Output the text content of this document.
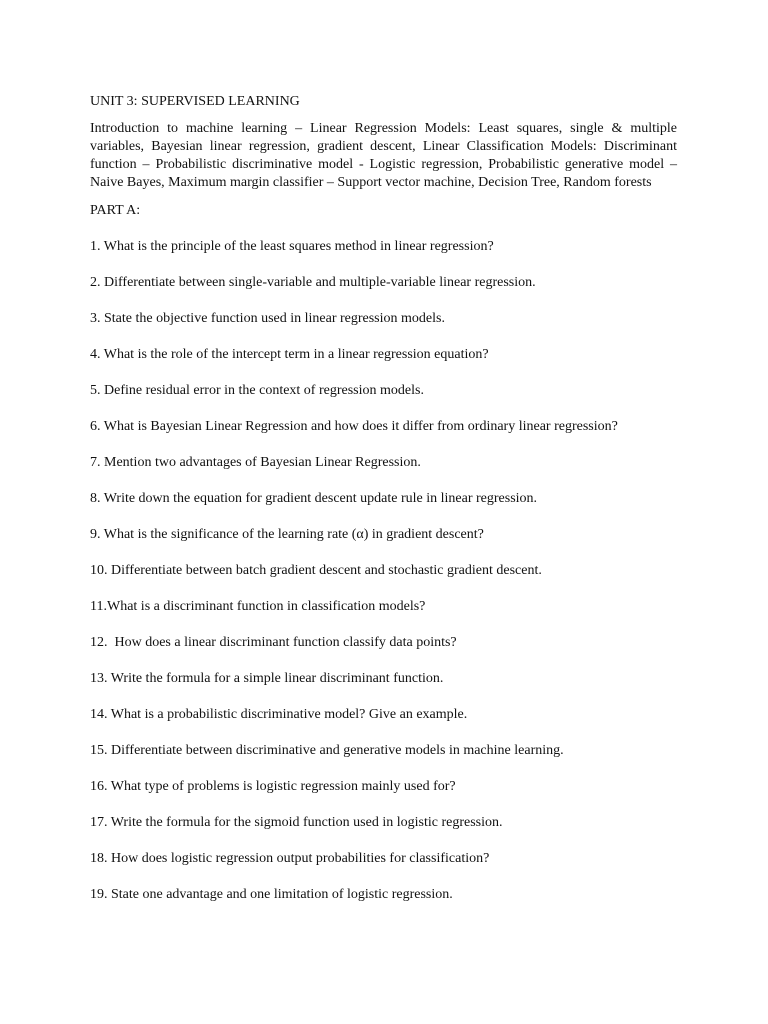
UNIT 3: SUPERVISED LEARNING
Introduction to machine learning – Linear Regression Models: Least squares, single & multiple variables, Bayesian linear regression, gradient descent, Linear Classification Models: Discriminant function – Probabilistic discriminative model - Logistic regression, Probabilistic generative model – Naive Bayes, Maximum margin classifier – Support vector machine, Decision Tree, Random forests
PART A:
1. What is the principle of the least squares method in linear regression?
2. Differentiate between single-variable and multiple-variable linear regression.
3. State the objective function used in linear regression models.
4. What is the role of the intercept term in a linear regression equation?
5. Define residual error in the context of regression models.
6. What is Bayesian Linear Regression and how does it differ from ordinary linear regression?
7. Mention two advantages of Bayesian Linear Regression.
8. Write down the equation for gradient descent update rule in linear regression.
9. What is the significance of the learning rate (α) in gradient descent?
10. Differentiate between batch gradient descent and stochastic gradient descent.
11.What is a discriminant function in classification models?
12.  How does a linear discriminant function classify data points?
13. Write the formula for a simple linear discriminant function.
14. What is a probabilistic discriminative model? Give an example.
15. Differentiate between discriminative and generative models in machine learning.
16. What type of problems is logistic regression mainly used for?
17. Write the formula for the sigmoid function used in logistic regression.
18. How does logistic regression output probabilities for classification?
19. State one advantage and one limitation of logistic regression.
